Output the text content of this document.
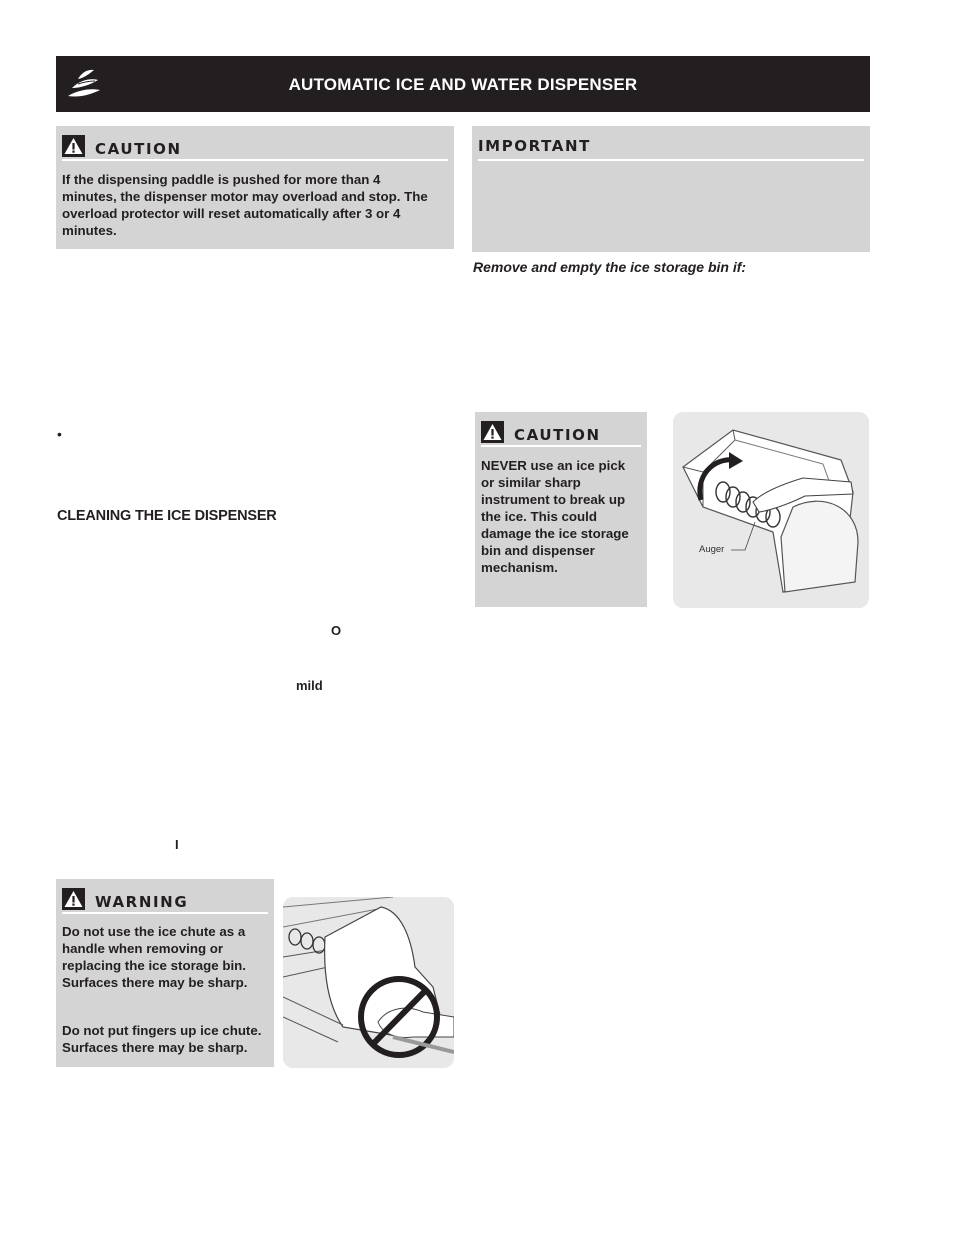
AUTOMATIC ICE AND WATER DISPENSER
CAUTION
If the dispensing paddle is pushed for more than 4 minutes, the dispenser motor may overload and stop. The overload protector will reset automatically after 3 or 4 minutes.
IMPORTANT
Remove and empty the ice storage bin if:
•
CLEANING THE ICE DISPENSER
O
mild
I
CAUTION
NEVER use an ice pick or similar sharp instrument to break up the ice. This could damage the ice storage bin and dispenser mechanism.
Auger
WARNING
Do not use the ice chute as a handle when removing or replacing the ice storage bin. Surfaces there may be sharp.
Do not put fingers up ice chute. Surfaces there may be sharp.
